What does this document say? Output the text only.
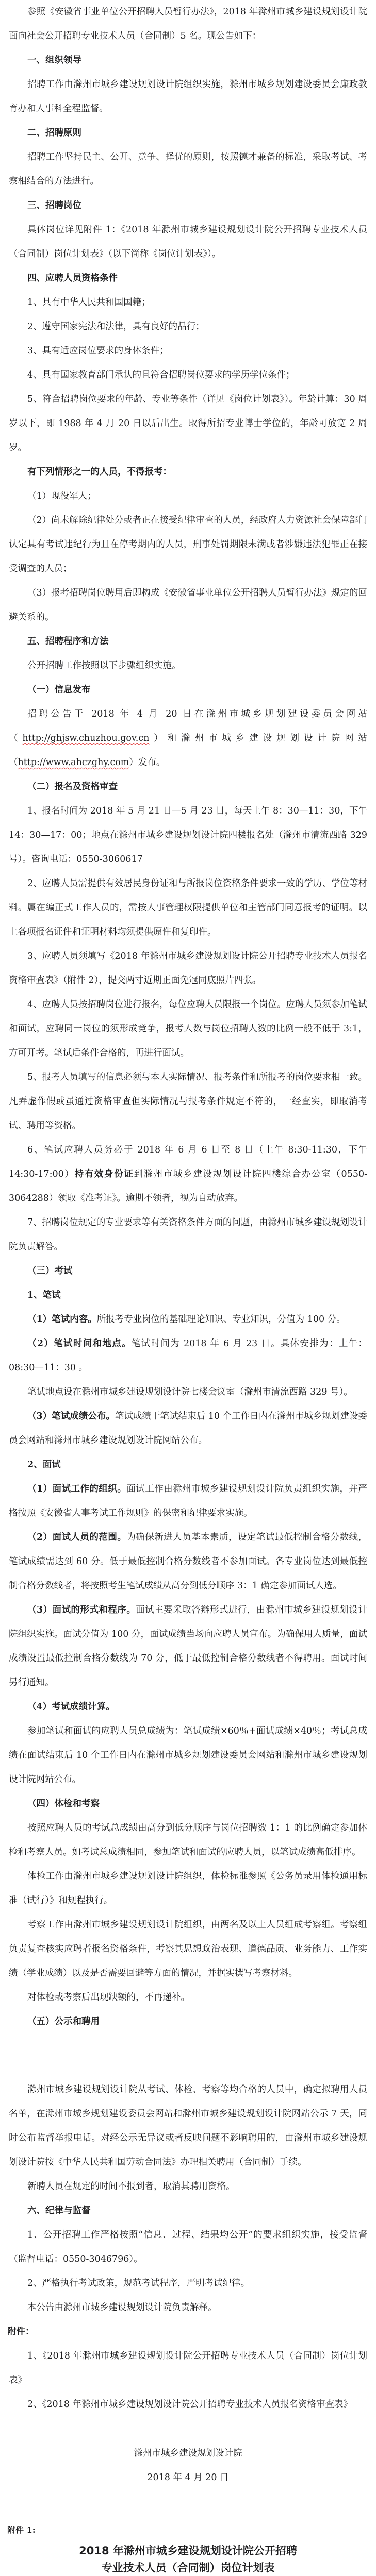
参照《安徽省事业单位公开招聘人员暂行办法》，2018 年滁州市城乡建设规划设计院面向社会公开招聘专业技术人员（合同制）5 名。现公告如下：

一、组织领导

招聘工作由滁州市城乡建设规划设计院组织实施，滁州市城乡规划建设委员会廉政教育办和人事科全程监督。

二、招聘原则

招聘工作坚持民主、公开、竞争、择优的原则，按照德才兼备的标准，采取考试、考察相结合的方法进行。

三、招聘岗位

具体岗位详见附件 1：《2018 年滁州市城乡建设规划设计院公开招聘专业技术人员（合同制）岗位计划表》（以下简称《岗位计划表》）。

四、应聘人员资格条件

1、具有中华人民共和国国籍；

2、遵守国家宪法和法律，具有良好的品行；

3、具有适应岗位要求的身体条件；

4、具有国家教育部门承认的且符合招聘岗位要求的学历学位条件；

5、符合招聘岗位要求的年龄、专业等条件（详见《岗位计划表》）。年龄计算：30 周岁以下，即 1988 年 4 月 20 日以后出生。取得所招专业博士学位的，年龄可放宽 2 周岁。

有下列情形之一的人员，不得报考：

（1）现役军人；

（2）尚未解除纪律处分或者正在接受纪律审查的人员，经政府人力资源社会保障部门认定具有考试违纪行为且在停考期内的人员，刑事处罚期限未满或者涉嫌违法犯罪正在接受调查的人员；

（3）报考招聘岗位聘用后即构成《安徽省事业单位公开招聘人员暂行办法》规定的回避关系的。

五、招聘程序和方法

公开招聘工作按照以下步骤组织实施。

（一）信息发布

招聘公告于 2018 年 4 月 20 日在滁州市城乡规划建设委员会网站（http://ghjsw.chuzhou.gov.cn）和滁州市城乡建设规划设计院网站（http://www.ahczghy.com）发布。

（二）报名及资格审查

1、报名时间为 2018 年 5 月 21 日—5 月 23 日，每天上午 8：30—11：30，下午 14：30—17：00；地点在滁州市城乡建设规划设计院四楼报名处（滁州市清流西路 329 号）。咨询电话：0550-3060617

2、应聘人员需提供有效居民身份证和与所报岗位资格条件要求一致的学历、学位等材料。属在编正式工作人员的，需按人事管理权限提供单位和主管部门同意报考的证明。以上各项报名证件和证明材料均须提供原件和复印件。

3、应聘人员须填写《2018 年滁州市城乡建设规划设计院公开招聘专业技术人员报名资格审查表》（附件 2），提交两寸近期正面免冠同底照片四张。

4、应聘人员按招聘岗位进行报名，每位应聘人员限报一个岗位。应聘人员须参加笔试和面试，应聘同一岗位的须形成竞争，报考人数与岗位招聘人数的比例一般不低于 3:1，方可开考。笔试后条件合格的，再进行面试。

5、报考人员填写的信息必须与本人实际情况、报考条件和所报考的岗位要求相一致。凡弄虚作假或虽通过资格审查但实际情况与报考条件规定不符的，一经查实，即取消考试、聘用等资格。

6、笔试应聘人员务必于 2018 年 6 月 6 日至 8 日（上午 8:30-11:30，下午 14:30-17:00）持有效身份证到滁州市城乡建设规划设计院四楼综合办公室（0550-3064288）领取《准考证》。逾期不领者，视为自动放弃。

7、招聘岗位规定的专业要求等有关资格条件方面的问题，由滁州市城乡建设规划设计院负责解答。

（三）考试

1、笔试

（1）笔试内容。所报考专业岗位的基础理论知识、专业知识，分值为 100 分。

（2）笔试时间和地点。笔试时间为 2018 年 6 月 23 日。具体安排为：上午：08:30—11：30 。

笔试地点设在滁州市城乡建设规划设计院七楼会议室（滁州市清流西路 329 号）。

（3）笔试成绩公布。笔试成绩于笔试结束后 10 个工作日内在滁州市城乡规划建设委员会网站和滁州市城乡建设规划设计院网站公布。

2、面试

（1）面试工作的组织。面试工作由滁州市城乡建设规划设计院负责组织实施，并严格按照《安徽省人事考试工作规则》的保密和纪律要求实施。

（2）面试人员的范围。为确保新进人员基本素质，设定笔试最低控制合格分数线，笔试成绩需达到 60 分。低于最低控制合格分数线者不参加面试。各专业岗位达到最低控制合格分数线者，将按照考生笔试成绩从高分到低分顺序 3：1 确定参加面试人选。

（3）面试的形式和程序。面试主要采取答辩形式进行，由滁州市城乡建设规划设计院组织实施。面试分值为 100 分，面试成绩当场向应聘人员宣布。为确保用人质量，面试成绩设置最低控制合格分数线为 70 分，低于最低控制合格分数线者不得聘用。面试时间另行通知。

（4）考试成绩计算。

参加笔试和面试的应聘人员总成绩为：笔试成绩×60％+面试成绩×40％；考试总成绩在面试结束后 10 个工作日内在滁州市城乡规划建设委员会网站和滁州市城乡建设规划设计院网站公布。

（四）体检和考察

按照应聘人员的考试总成绩由高分到低分顺序与岗位招聘数 1：1 的比例确定参加体检和考察人员。如考试总成绩相同，参加笔试和面试的应聘人员，以笔试成绩高低排序。

体检工作由滁州市城乡建设规划设计院组织，体检标准参照《公务员录用体检通用标准（试行）》和规程执行。

考察工作由滁州市城乡建设规划设计院组织，由两名及以上人员组成考察组。考察组负责复查核实应聘者报名资格条件，考察其思想政治表现、道德品质、业务能力、工作实绩（学业成绩）以及是否需要回避等方面的情况，并据实撰写考察材料。

对体检或考察后出现缺额的，不再递补。

（五）公示和聘用

滁州市城乡建设规划设计院从考试、体检、考察等均合格的人员中，确定拟聘用人员名单，在滁州市城乡规划建设委员会网站和滁州市城乡建设规划设计院网站公示 7 天，同时公布监督举报电话。对经公示无异议或者反映问题不影响聘用的，由滁州市城乡建设规划设计院按《中华人民共和国劳动合同法》办理相关聘用（合同制）手续。

新聘人员在规定的时间不报到者，取消其聘用资格。

六、纪律与监督

1、公开招聘工作严格按照“信息、过程、结果均公开”的要求组织实施，接受监督（监督电话：0550-3046796）。

2、严格执行考试政策，规范考试程序，严明考试纪律。

本公告由滁州市城乡建设规划设计院负责解释。

附件：

1、《2018 年滁州市城乡建设规划设计院公开招聘专业技术人员（合同制）岗位计划表》

2、《2018 年滁州市城乡建设规划设计院公开招聘专业技术人员报名资格审查表》

滁州市城乡建设规划设计院

2018 年 4 月 20 日

附件 1:
2018 年滁州市城乡建设规划设计院公开招聘
专业技术人员（合同制）岗位计划表
